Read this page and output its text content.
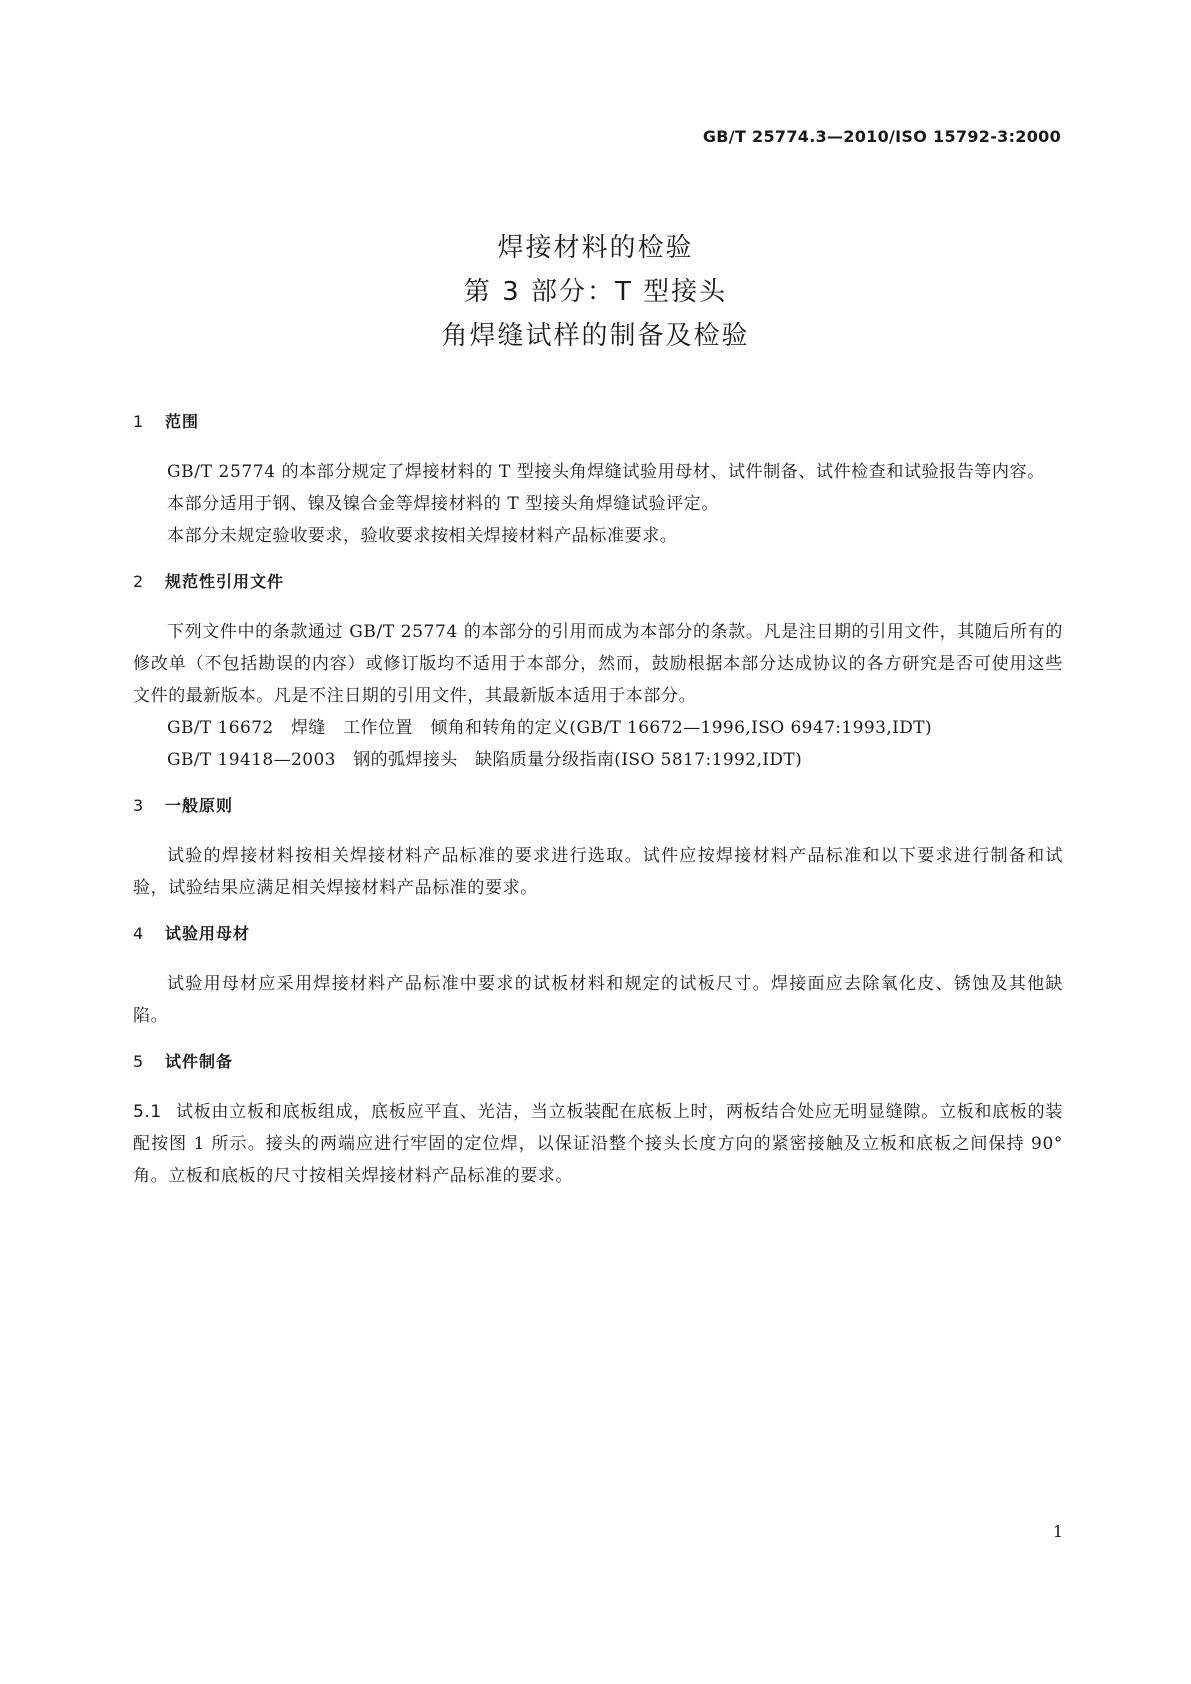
GB/T 25774.3—2010/ISO 15792-3:2000
焊接材料的检验
第 3 部分：T 型接头
角焊缝试样的制备及检验
1 范围

GB/T 25774 的本部分规定了焊接材料的 T 型接头角焊缝试验用母材、试件制备、试件检查和试验报告等内容。

本部分适用于钢、镍及镍合金等焊接材料的 T 型接头角焊缝试验评定。

本部分未规定验收要求，验收要求按相关焊接材料产品标准要求。

2 规范性引用文件

下列文件中的条款通过 GB/T 25774 的本部分的引用而成为本部分的条款。凡是注日期的引用文件，其随后所有的修改单（不包括勘误的内容）或修订版均不适用于本部分，然而，鼓励根据本部分达成协议的各方研究是否可使用这些文件的最新版本。凡是不注日期的引用文件，其最新版本适用于本部分。

GB/T 16672　焊缝　工作位置　倾角和转角的定义(GB/T 16672—1996,ISO 6947:1993,IDT)

GB/T 19418—2003　钢的弧焊接头　缺陷质量分级指南(ISO 5817:1992,IDT)

3 一般原则

试验的焊接材料按相关焊接材料产品标准的要求进行选取。试件应按焊接材料产品标准和以下要求进行制备和试验，试验结果应满足相关焊接材料产品标准的要求。

4 试验用母材

试验用母材应采用焊接材料产品标准中要求的试板材料和规定的试板尺寸。焊接面应去除氧化皮、锈蚀及其他缺陷。

5 试件制备

5.1 试板由立板和底板组成，底板应平直、光洁，当立板装配在底板上时，两板结合处应无明显缝隙。立板和底板的装配按图 1 所示。接头的两端应进行牢固的定位焊，以保证沿整个接头长度方向的紧密接触及立板和底板之间保持 90°角。立板和底板的尺寸按相关焊接材料产品标准的要求。

1
